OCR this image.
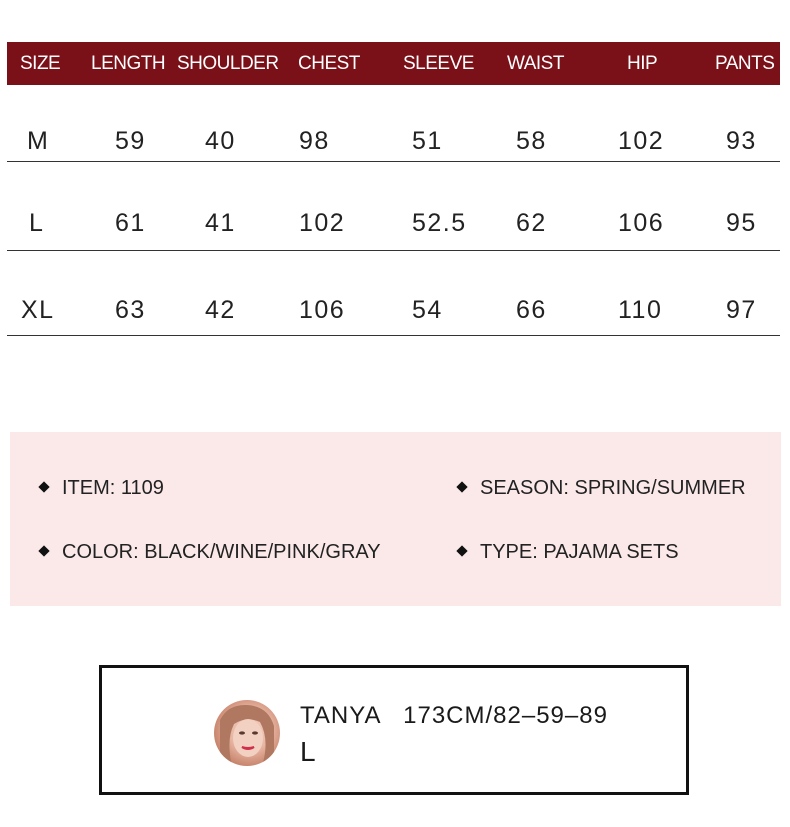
SIZE LENGTH SHOULDER CHEST SLEEVE WAIST	HIP	PANTS
M	59 40	98	51	58	102 93
L	61 41	102	52.5 62	106 95
XL 63 42	106	54	66	110	97
ITEM: 1109	SEASON: SPRING/SUMMER
COLOR: BLACK/WINE/PINK/GRAY	TYPE: PAJAMA SETS
TANYA   173CM/82–59–89
L
